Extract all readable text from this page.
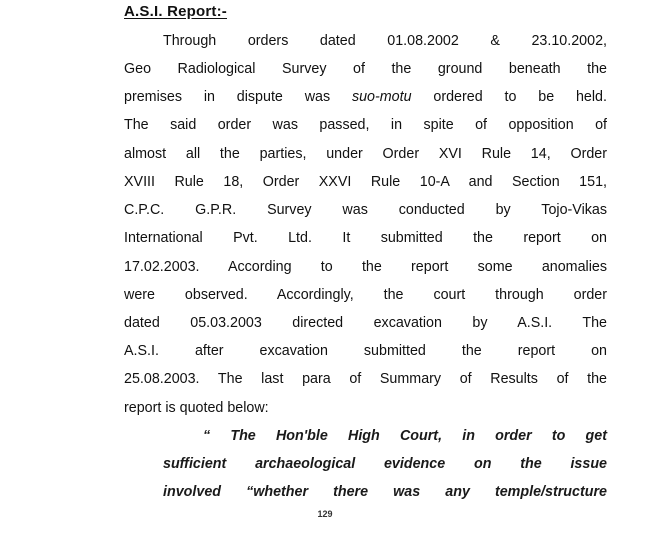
A.S.I. Report:-
Through orders dated 01.08.2002 & 23.10.2002,
Geo Radiological Survey of the ground beneath the
premises in dispute was suo-motu ordered to be held.
The said order was passed, in spite of opposition of
almost all the parties, under Order XVI Rule 14, Order
XVIII Rule 18, Order XXVI Rule 10-A and Section 151,
C.P.C. G.P.R. Survey was conducted by Tojo-Vikas
International Pvt. Ltd. It submitted the report on
17.02.2003. According to the report some anomalies
were observed. Accordingly, the court through order
dated 05.03.2003 directed excavation by A.S.I. The
A.S.I. after excavation submitted the report on
25.08.2003. The last para of Summary of Results of the
report is quoted below:
“ The Hon'ble High Court, in order to get
sufficient archaeological evidence on the issue
involved “whether there was any temple/structure
129
